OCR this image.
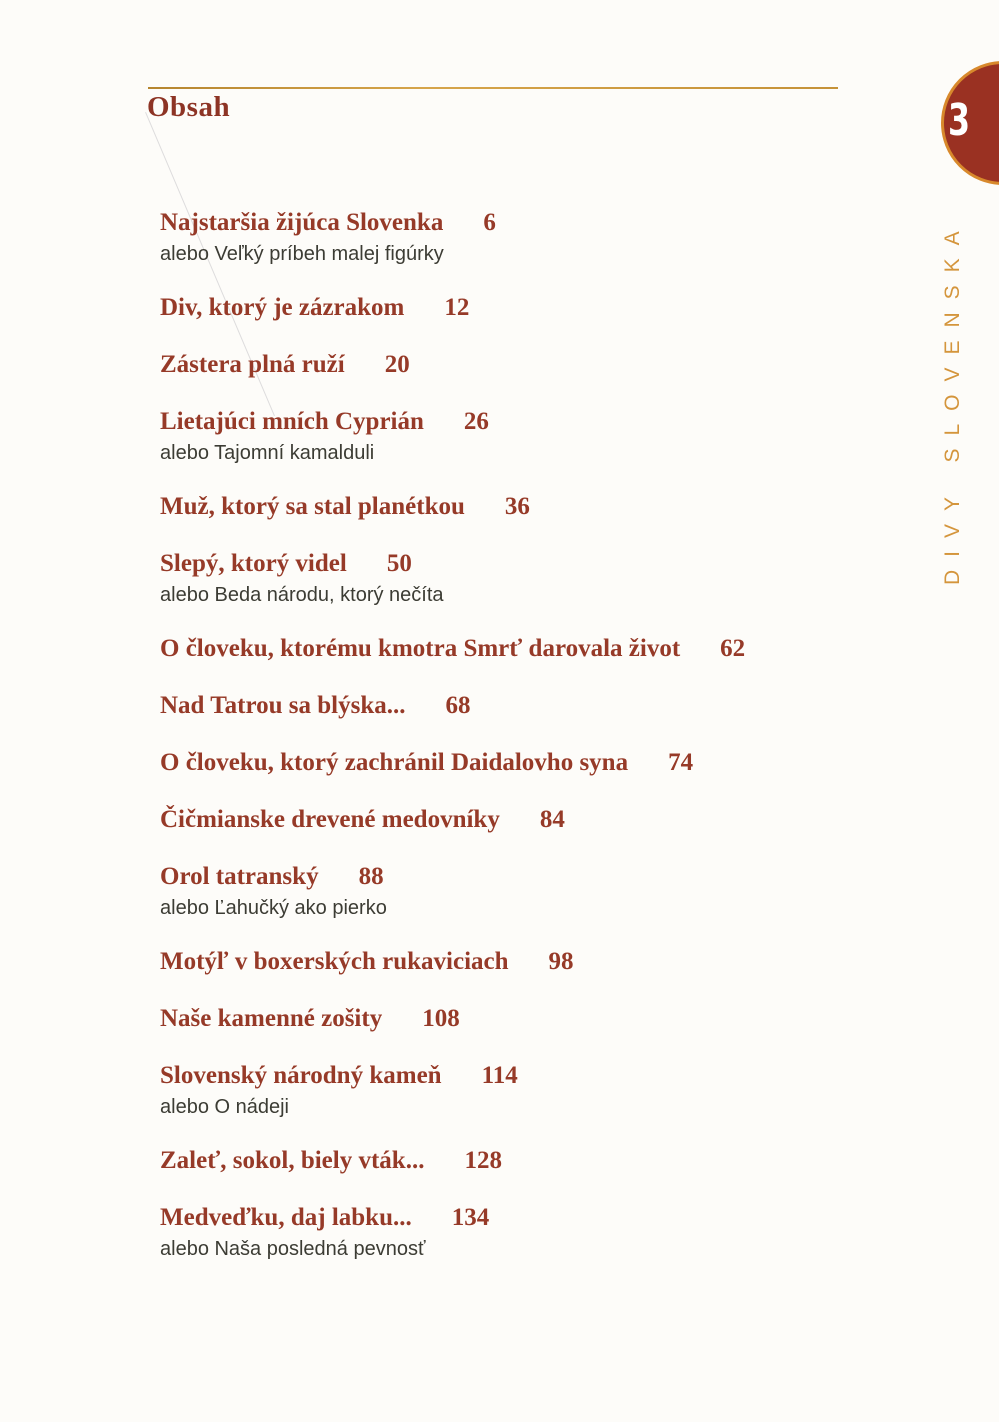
Obsah
Najstaršia žijúca Slovenka 6
alebo Veľký príbeh malej figúrky
Div, ktorý je zázrakom 12
Zástera plná ruží 20
Lietajúci mních Cyprián 26
alebo Tajomní kamalduli
Muž, ktorý sa stal planétkou 36
Slepý, ktorý videl 50
alebo Beda národu, ktorý nečíta
O človeku, ktorému kmotra Smrť darovala život 62
Nad Tatrou sa blýska... 68
O človeku, ktorý zachránil Daidalovho syna 74
Čičmianske drevené medovníky 84
Orol tatranský 88
alebo Ľahučký ako pierko
Motýľ v boxerských rukaviciach 98
Naše kamenné zošity 108
Slovenský národný kameň 114
alebo O nádeji
Zaleť, sokol, biely vták... 128
Medveďku, daj labku... 134
alebo Naša posledná pevnosť
DIVY SLOVENSKA
3
